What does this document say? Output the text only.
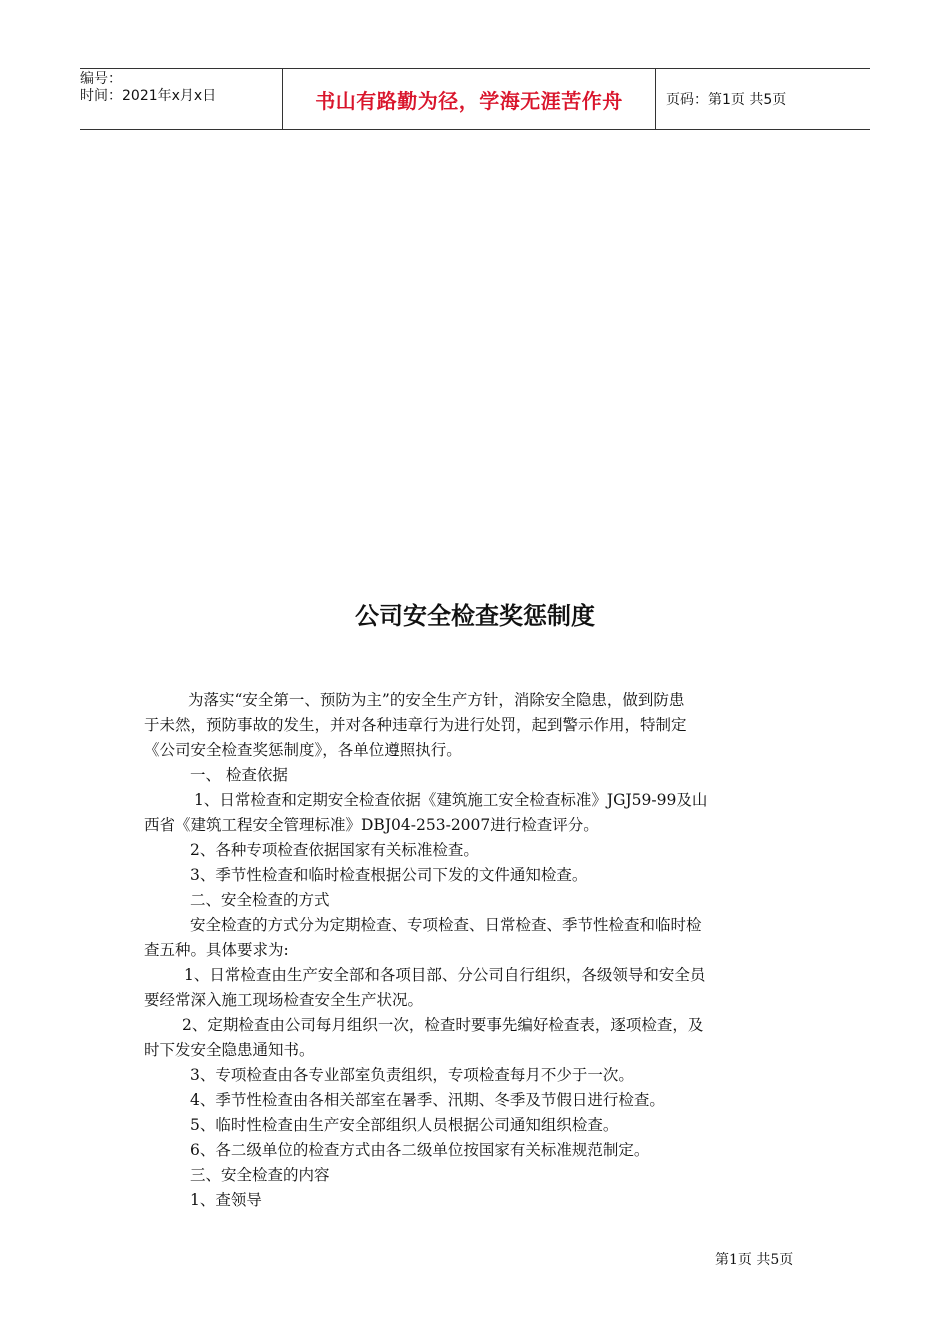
编号：
时间：2021年x月x日	书山有路勤为径，学海无涯苦作舟	页码：第1页 共5页
公司安全检查奖惩制度
为落实“安全第一、预防为主”的安全生产方针，消除安全隐患，做到防患
于未然，预防事故的发生，并对各种违章行为进行处罚，起到警示作用，特制定
《公司安全检查奖惩制度》，各单位遵照执行。
一、 检查依据
1、日常检查和定期安全检查依据《建筑施工安全检查标准》JGJ59-99及山
西省《建筑工程安全管理标准》DBJ04-253-2007进行检查评分。
2、各种专项检查依据国家有关标准检查。
3、季节性检查和临时检查根据公司下发的文件通知检查。
二、安全检查的方式
安全检查的方式分为定期检查、专项检查、日常检查、季节性检查和临时检
查五种。具体要求为:
1、日常检查由生产安全部和各项目部、分公司自行组织，各级领导和安全员
要经常深入施工现场检查安全生产状况。
2、定期检查由公司每月组织一次，检查时要事先编好检查表，逐项检查，及
时下发安全隐患通知书。
3、专项检查由各专业部室负责组织，专项检查每月不少于一次。
4、季节性检查由各相关部室在暑季、汛期、冬季及节假日进行检查。
5、临时性检查由生产安全部组织人员根据公司通知组织检查。
6、各二级单位的检查方式由各二级单位按国家有关标准规范制定。
三、安全检查的内容
1、查领导
第1页 共5页
